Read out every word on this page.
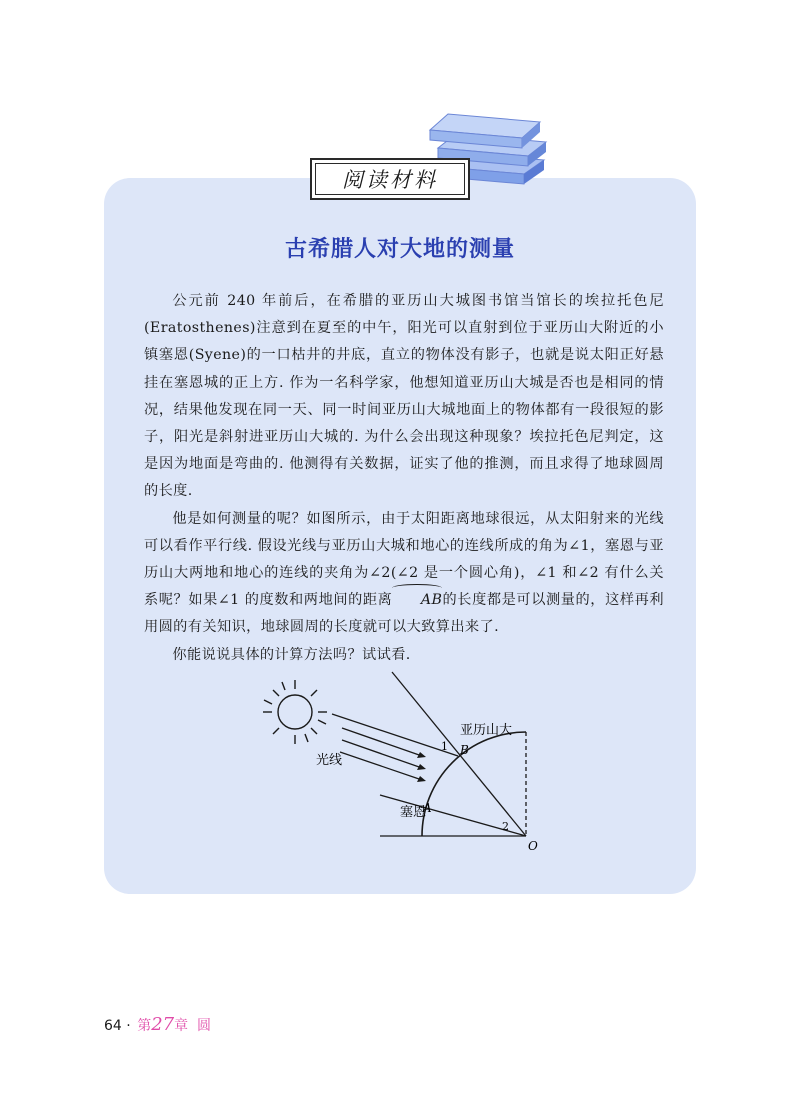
阅读材料
古希腊人对大地的测量

公元前 240 年前后，在希腊的亚历山大城图书馆当馆长的埃拉托色尼(Eratosthenes)注意到在夏至的中午，阳光可以直射到位于亚历山大附近的小镇塞恩(Syene)的一口枯井的井底，直立的物体没有影子，也就是说太阳正好悬挂在塞恩城的正上方. 作为一名科学家，他想知道亚历山大城是否也是相同的情况，结果他发现在同一天、同一时间亚历山大城地面上的物体都有一段很短的影子，阳光是斜射进亚历山大城的. 为什么会出现这种现象？埃拉托色尼判定，这是因为地面是弯曲的. 他测得有关数据，证实了他的推测，而且求得了地球圆周的长度.

他是如何测量的呢？如图所示，由于太阳距离地球很远，从太阳射来的光线可以看作平行线. 假设光线与亚历山大城和地心的连线所成的角为∠1，塞恩与亚历山大两地和地心的连线的夹角为∠2(∠2 是一个圆心角)，∠1 和∠2 有什么关系呢？如果∠1 的度数和两地间的距离 AB的长度都是可以测量的，这样再利用圆的有关知识，地球圆周的长度就可以大致算出来了.

你能说说具体的计算方法吗？试试看.

亚历山大
光线
塞恩
A
B
O
1
2
64 · 第27章 圆
